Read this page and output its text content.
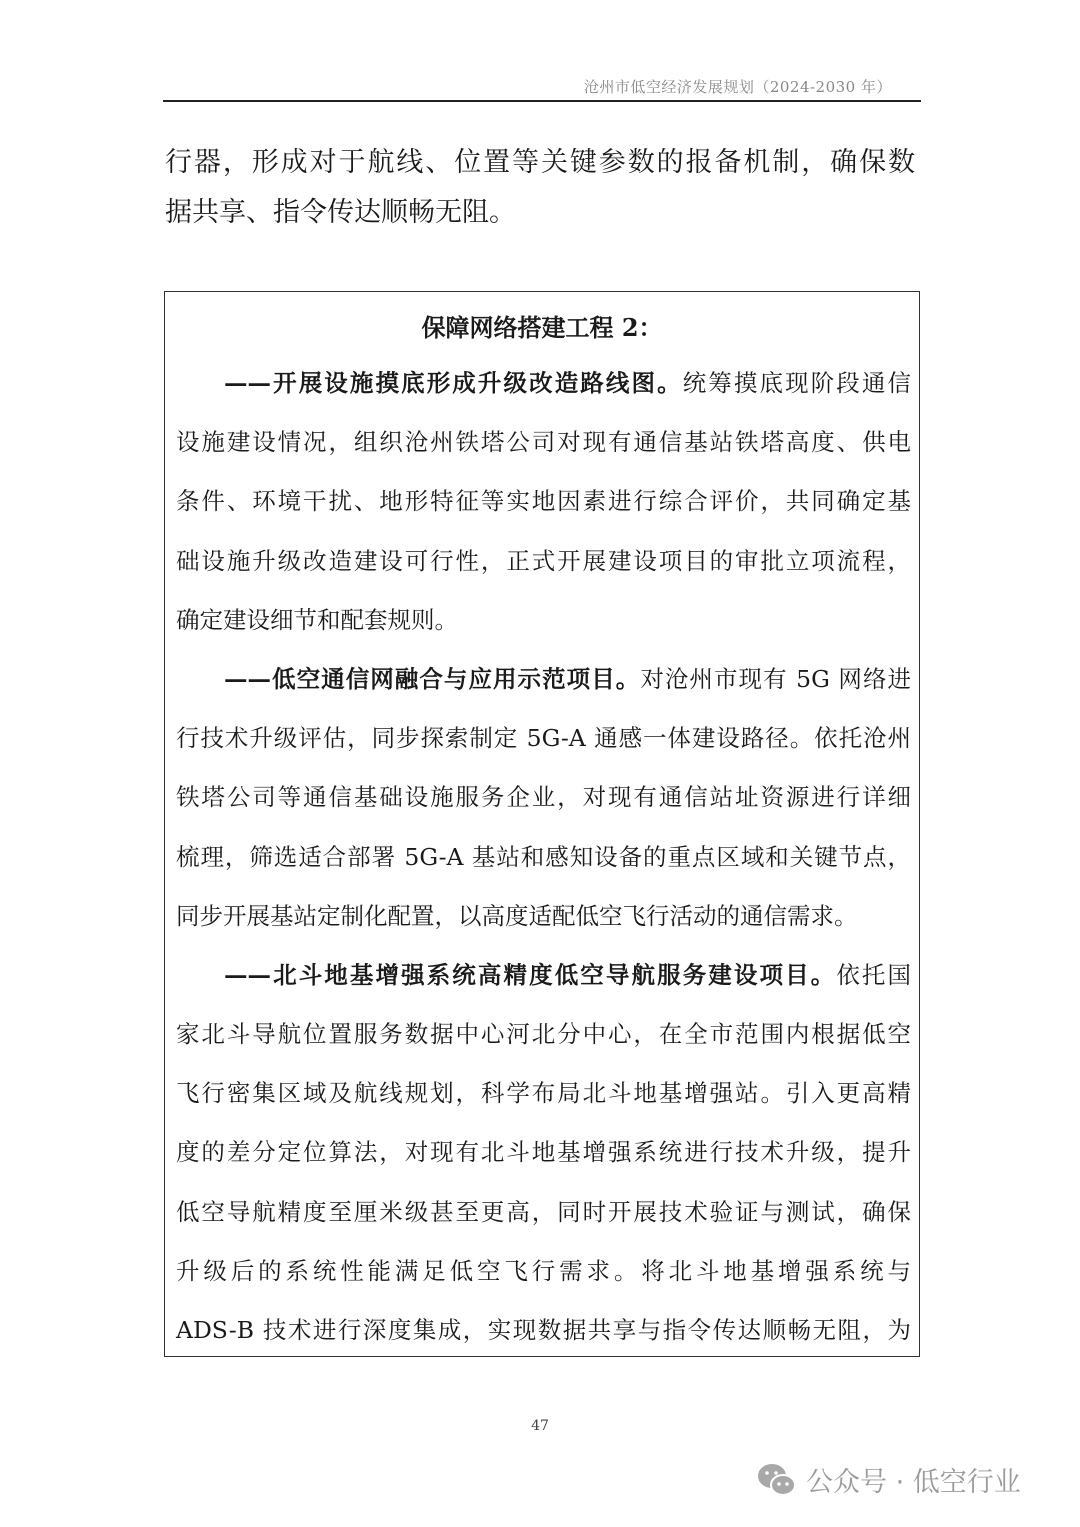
沧州市低空经济发展规划（2024-2030 年）
行器，形成对于航线、位置等关键参数的报备机制，确保数
据共享、指令传达顺畅无阻。
保障网络搭建工程 2：
——开展设施摸底形成升级改造路线图。统筹摸底现阶段通信
设施建设情况，组织沧州铁塔公司对现有通信基站铁塔高度、供电
条件、环境干扰、地形特征等实地因素进行综合评价，共同确定基
础设施升级改造建设可行性，正式开展建设项目的审批立项流程，
确定建设细节和配套规则。
——低空通信网融合与应用示范项目。对沧州市现有 5G 网络进
行技术升级评估，同步探索制定 5G-A 通感一体建设路径。依托沧州
铁塔公司等通信基础设施服务企业，对现有通信站址资源进行详细
梳理，筛选适合部署 5G-A 基站和感知设备的重点区域和关键节点，
同步开展基站定制化配置，以高度适配低空飞行活动的通信需求。
——北斗地基增强系统高精度低空导航服务建设项目。依托国
家北斗导航位置服务数据中心河北分中心，在全市范围内根据低空
飞行密集区域及航线规划，科学布局北斗地基增强站。引入更高精
度的差分定位算法，对现有北斗地基增强系统进行技术升级，提升
低空导航精度至厘米级甚至更高，同时开展技术验证与测试，确保
升级后的系统性能满足低空飞行需求。将北斗地基增强系统与
ADS-B 技术进行深度集成，实现数据共享与指令传达顺畅无阻，为
47
公众号 · 低空行业
